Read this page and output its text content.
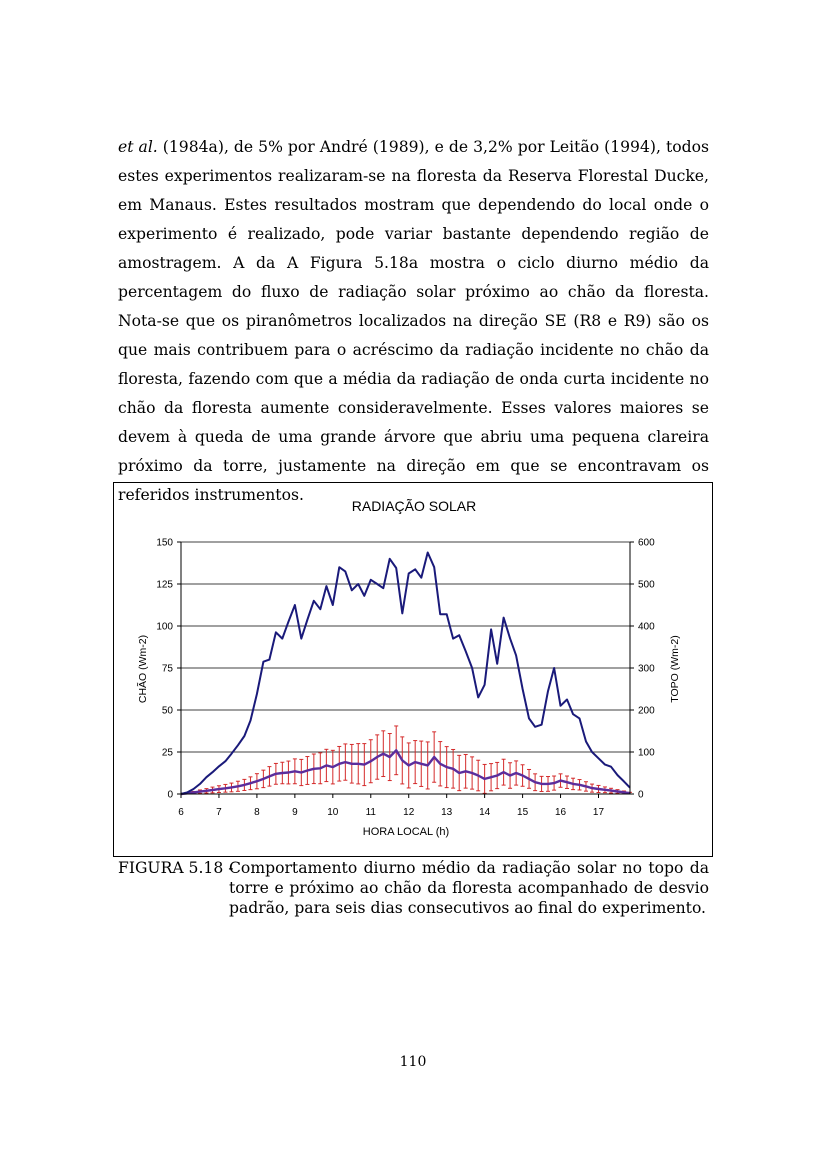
et al. (1984a), de 5% por André (1989), e de 3,2% por Leitão (1994), todos estes experimentos realizaram-se na floresta da Reserva Florestal Ducke, em Manaus. Estes resultados mostram que dependendo do local onde o experimento é realizado, pode variar bastante dependendo região de amostragem. A da A Figura 5.18a mostra o ciclo diurno médio da percentagem do fluxo de radiação solar próximo ao chão da floresta. Nota-se que os piranômetros localizados na direção SE (R8 e R9) são os que mais contribuem para o acréscimo da radiação incidente no chão da floresta, fazendo com que a média da radiação de onda curta incidente no chão da floresta aumente consideravelmente. Esses valores maiores se devem à queda de uma grande árvore que abriu uma pequena clareira próximo da torre, justamente na direção em que se encontravam os referidos instrumentos.

RADIAÇÃO SOLAR
0
25
50
75
100
125
150
0
100
200
300
400
500
600
6	7	8	9	10	11	12	13	14	15	16	17
HORA LOCAL (h)
CHÃO (Wm-2)	TOPO (Wm-2)
FIGURA 5.18 -
Comportamento diurno médio da radiação solar no topo da torre e próximo ao chão da floresta acompanhado de desvio padrão, para seis dias consecutivos ao final do experimento.
110
